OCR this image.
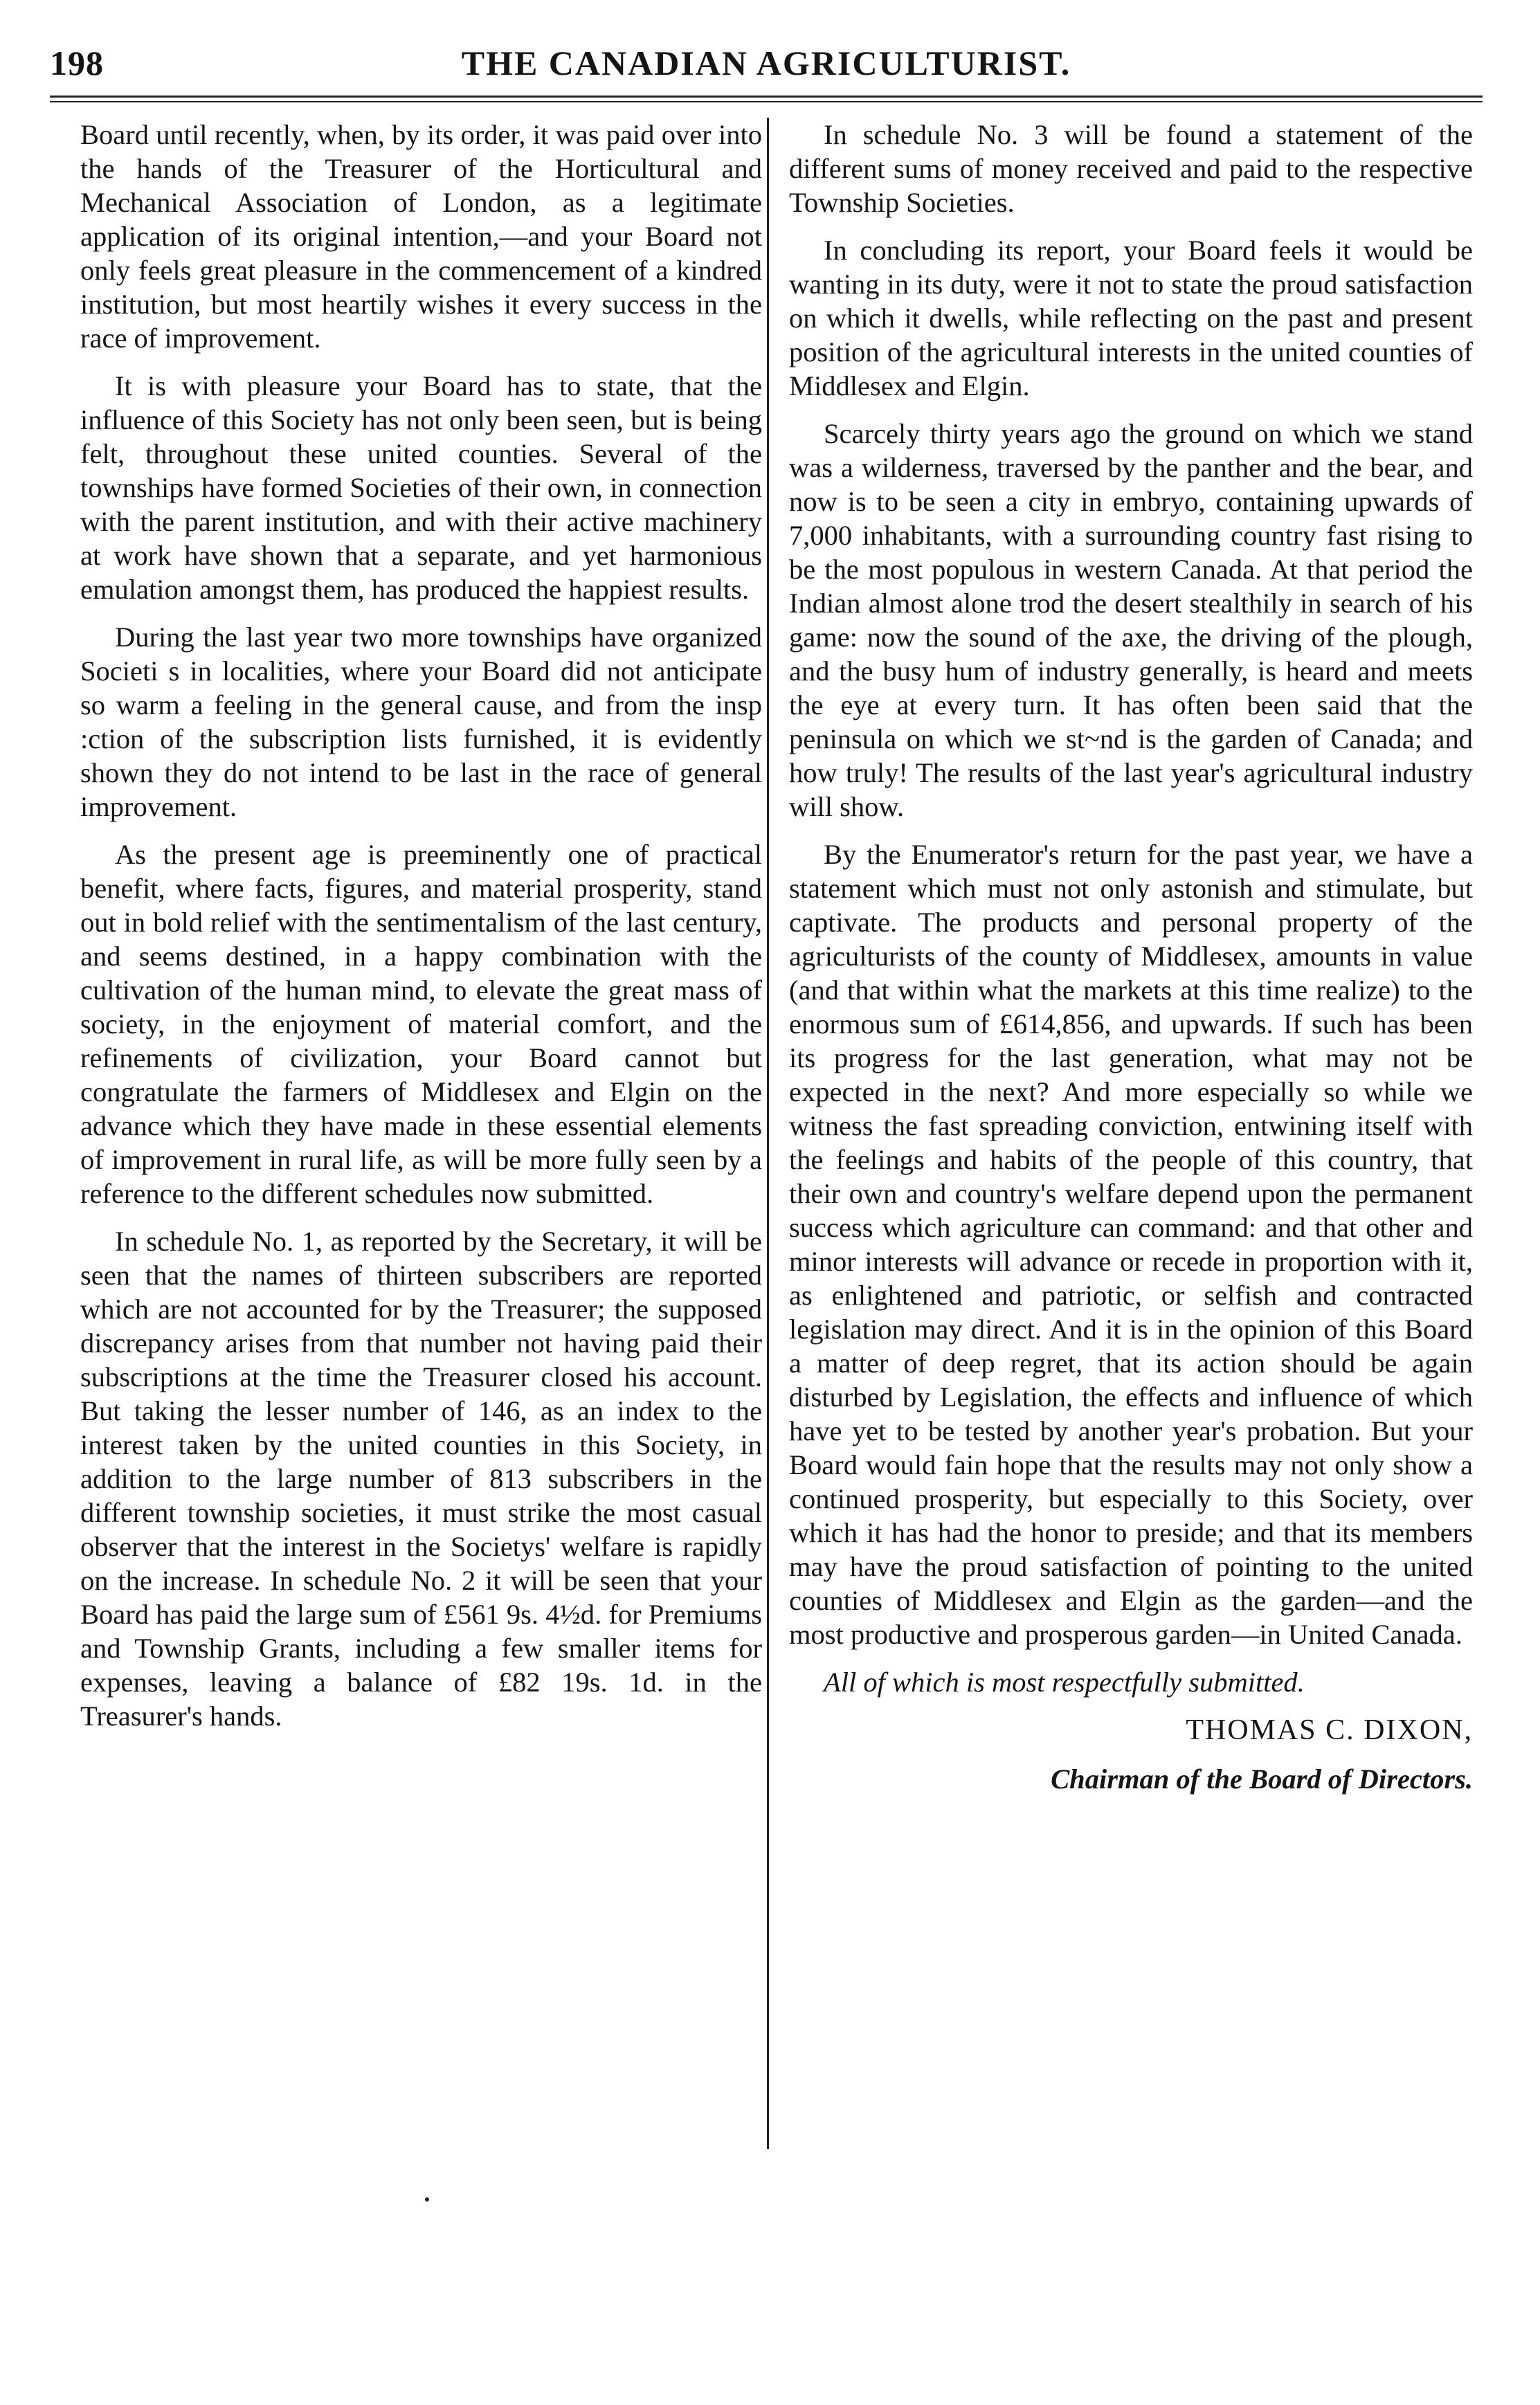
198	THE CANADIAN AGRICULTURIST.

Board until recently, when, by its order, it was paid over into the hands of the Treasurer of the Horticultural and Mechanical Association of London, as a legitimate application of its original intention,—and your Board not only feels great pleasure in the commencement of a kindred institution, but most heartily wishes it every success in the race of improvement.

It is with pleasure your Board has to state, that the influence of this Society has not only been seen, but is being felt, throughout these united counties. Several of the townships have formed Societies of their own, in connection with the parent institution, and with their active machinery at work have shown that a separate, and yet harmonious emulation amongst them, has produced the happiest results.

During the last year two more townships have organized Societi s in localities, where your Board did not anticipate so warm a feeling in the general cause, and from the insp :ction of the subscription lists furnished, it is evidently shown they do not intend to be last in the race of general improvement.

As the present age is preeminently one of practical benefit, where facts, figures, and material prosperity, stand out in bold relief with the sentimentalism of the last century, and seems destined, in a happy combination with the cultivation of the human mind, to elevate the great mass of society, in the enjoyment of material comfort, and the refinements of civilization, your Board cannot but congratulate the farmers of Middlesex and Elgin on the advance which they have made in these essential elements of improvement in rural life, as will be more fully seen by a reference to the different schedules now submitted.

In schedule No. 1, as reported by the Secretary, it will be seen that the names of thirteen subscribers are reported which are not accounted for by the Treasurer; the supposed discrepancy arises from that number not having paid their subscriptions at the time the Treasurer closed his account. But taking the lesser number of 146, as an index to the interest taken by the united counties in this Society, in addition to the large number of 813 subscribers in the different township societies, it must strike the most casual observer that the interest in the Societys' welfare is rapidly on the increase. In schedule No. 2 it will be seen that your Board has paid the large sum of £561 9s. 4½d. for Premiums and Township Grants, including a few smaller items for expenses, leaving a balance of £82 19s. 1d. in the Treasurer's hands.

In schedule No. 3 will be found a statement of the different sums of money received and paid to the respective Township Societies.

In concluding its report, your Board feels it would be wanting in its duty, were it not to state the proud satisfaction on which it dwells, while reflecting on the past and present position of the agricultural interests in the united counties of Middlesex and Elgin.

Scarcely thirty years ago the ground on which we stand was a wilderness, traversed by the panther and the bear, and now is to be seen a city in embryo, containing upwards of 7,000 inhabitants, with a surrounding country fast rising to be the most populous in western Canada. At that period the Indian almost alone trod the desert stealthily in search of his game: now the sound of the axe, the driving of the plough, and the busy hum of industry generally, is heard and meets the eye at every turn. It has often been said that the peninsula on which we st~nd is the garden of Canada; and how truly! The results of the last year's agricultural industry will show.

By the Enumerator's return for the past year, we have a statement which must not only astonish and stimulate, but captivate. The products and personal property of the agriculturists of the county of Middlesex, amounts in value (and that within what the markets at this time realize) to the enormous sum of £614,856, and upwards. If such has been its progress for the last generation, what may not be expected in the next? And more especially so while we witness the fast spreading conviction, entwining itself with the feelings and habits of the people of this country, that their own and country's welfare depend upon the permanent success which agriculture can command: and that other and minor interests will advance or recede in proportion with it, as enlightened and patriotic, or selfish and contracted legislation may direct. And it is in the opinion of this Board a matter of deep regret, that its action should be again disturbed by Legislation, the effects and influence of which have yet to be tested by another year's probation. But your Board would fain hope that the results may not only show a continued prosperity, but especially to this Society, over which it has had the honor to preside; and that its members may have the proud satisfaction of pointing to the united counties of Middlesex and Elgin as the garden—and the most productive and prosperous garden—in United Canada.

All of which is most respectfully submitted.

THOMAS C. DIXON,

Chairman of the Board of Directors.
